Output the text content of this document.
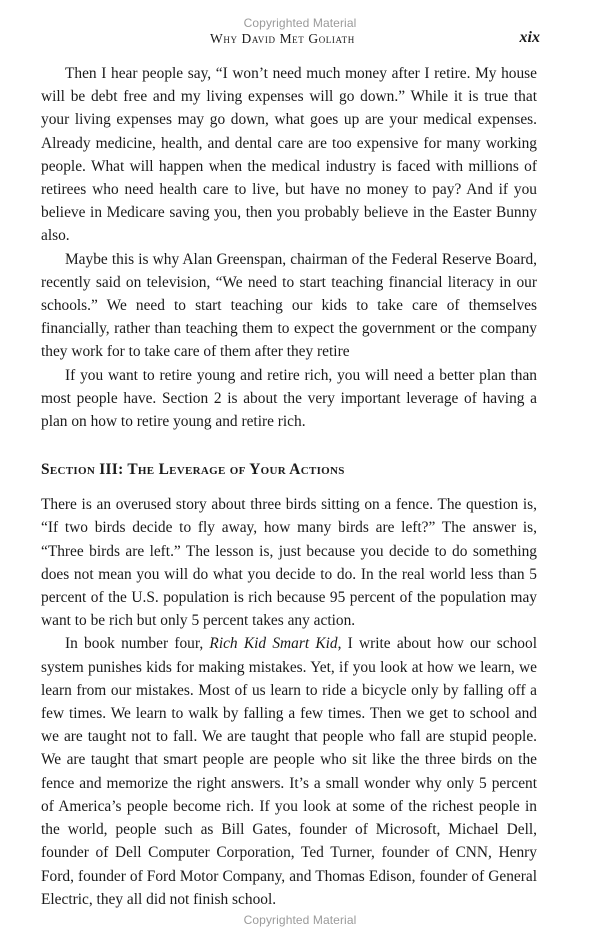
Copyrighted Material
Why David Met Goliath	xix

Then I hear people say, “I won’t need much money after I retire. My house will be debt free and my living expenses will go down.” While it is true that your living expenses may go down, what goes up are your medical expenses. Already medicine, health, and dental care are too expensive for many working people. What will happen when the medical industry is faced with millions of retirees who need health care to live, but have no money to pay? And if you believe in Medicare saving you, then you probably believe in the Easter Bunny also.

Maybe this is why Alan Greenspan, chairman of the Federal Reserve Board, recently said on television, “We need to start teaching financial literacy in our schools.” We need to start teaching our kids to take care of themselves financially, rather than teaching them to expect the government or the company they work for to take care of them after they retire

If you want to retire young and retire rich, you will need a better plan than most people have. Section 2 is about the very important leverage of having a plan on how to retire young and retire rich.

Section III: The Leverage of Your Actions

There is an overused story about three birds sitting on a fence. The question is, “If two birds decide to fly away, how many birds are left?” The answer is, “Three birds are left.” The lesson is, just because you decide to do something does not mean you will do what you decide to do. In the real world less than 5 percent of the U.S. population is rich because 95 percent of the population may want to be rich but only 5 percent takes any action.

In book number four, Rich Kid Smart Kid, I write about how our school system punishes kids for making mistakes. Yet, if you look at how we learn, we learn from our mistakes. Most of us learn to ride a bicycle only by falling off a few times. We learn to walk by falling a few times. Then we get to school and we are taught not to fall. We are taught that people who fall are stupid people. We are taught that smart people are people who sit like the three birds on the fence and memorize the right answers. It’s a small wonder why only 5 percent of America’s people become rich. If you look at some of the richest people in the world, people such as Bill Gates, founder of Microsoft, Michael Dell, founder of Dell Computer Corporation, Ted Turner, founder of CNN, Henry Ford, founder of Ford Motor Company, and Thomas Edison, founder of General Electric, they all did not finish school.

Copyrighted Material
